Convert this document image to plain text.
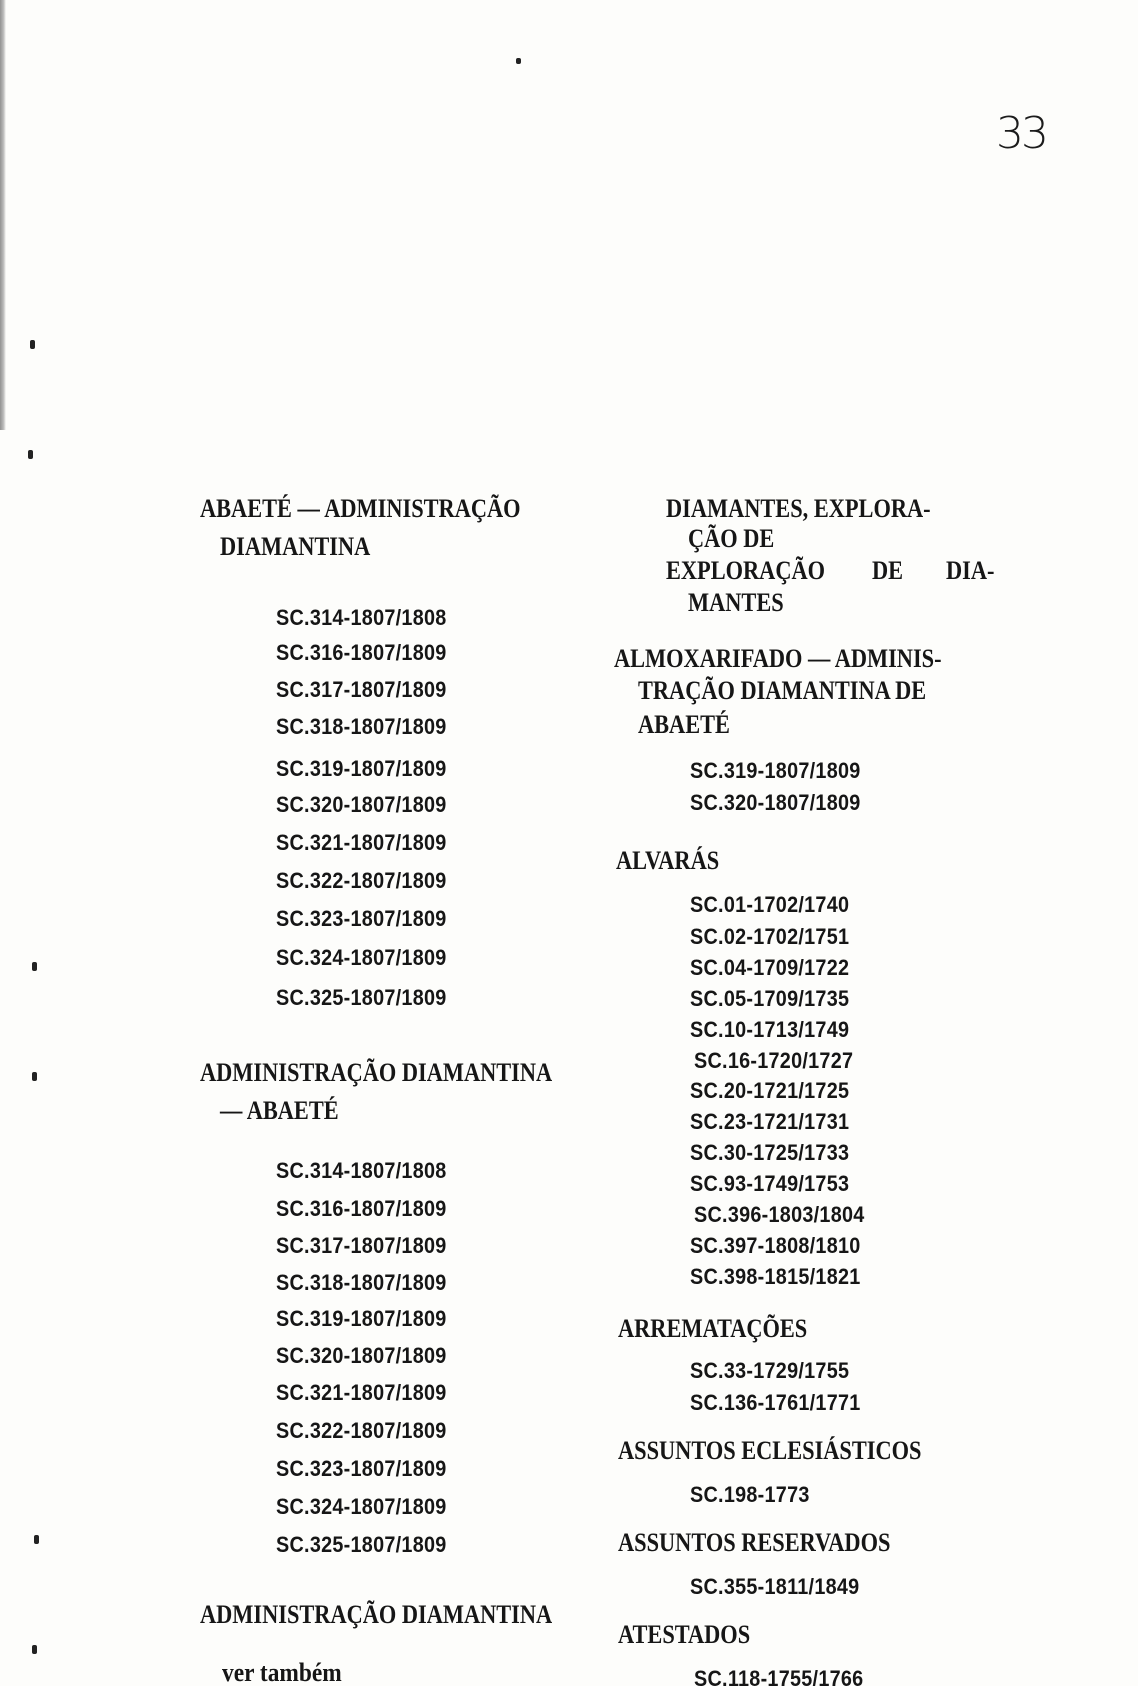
33
ABAETÉ — ADMINISTRAÇÃO
DIAMANTINA
SC.314-1807/1808
SC.316-1807/1809
SC.317-1807/1809
SC.318-1807/1809
SC.319-1807/1809
SC.320-1807/1809
SC.321-1807/1809
SC.322-1807/1809
SC.323-1807/1809
SC.324-1807/1809
SC.325-1807/1809
ADMINISTRAÇÃO DIAMANTINA
— ABAETÉ
SC.314-1807/1808
SC.316-1807/1809
SC.317-1807/1809
SC.318-1807/1809
SC.319-1807/1809
SC.320-1807/1809
SC.321-1807/1809
SC.322-1807/1809
SC.323-1807/1809
SC.324-1807/1809
SC.325-1807/1809
ADMINISTRAÇÃO DIAMANTINA
ver também
DIAMANTES, EXPLORA-
ÇÃO DE
EXPLORAÇÃO DE DIA-
MANTES
ALMOXARIFADO — ADMINIS-
TRAÇÃO DIAMANTINA DE
ABAETÉ
SC.319-1807/1809
SC.320-1807/1809
ALVARÁS
SC.01-1702/1740
SC.02-1702/1751
SC.04-1709/1722
SC.05-1709/1735
SC.10-1713/1749
SC.16-1720/1727
SC.20-1721/1725
SC.23-1721/1731
SC.30-1725/1733
SC.93-1749/1753
SC.396-1803/1804
SC.397-1808/1810
SC.398-1815/1821
ARREMATAÇÕES
SC.33-1729/1755
SC.136-1761/1771
ASSUNTOS ECLESIÁSTICOS
SC.198-1773
ASSUNTOS RESERVADOS
SC.355-1811/1849
ATESTADOS
SC.118-1755/1766
